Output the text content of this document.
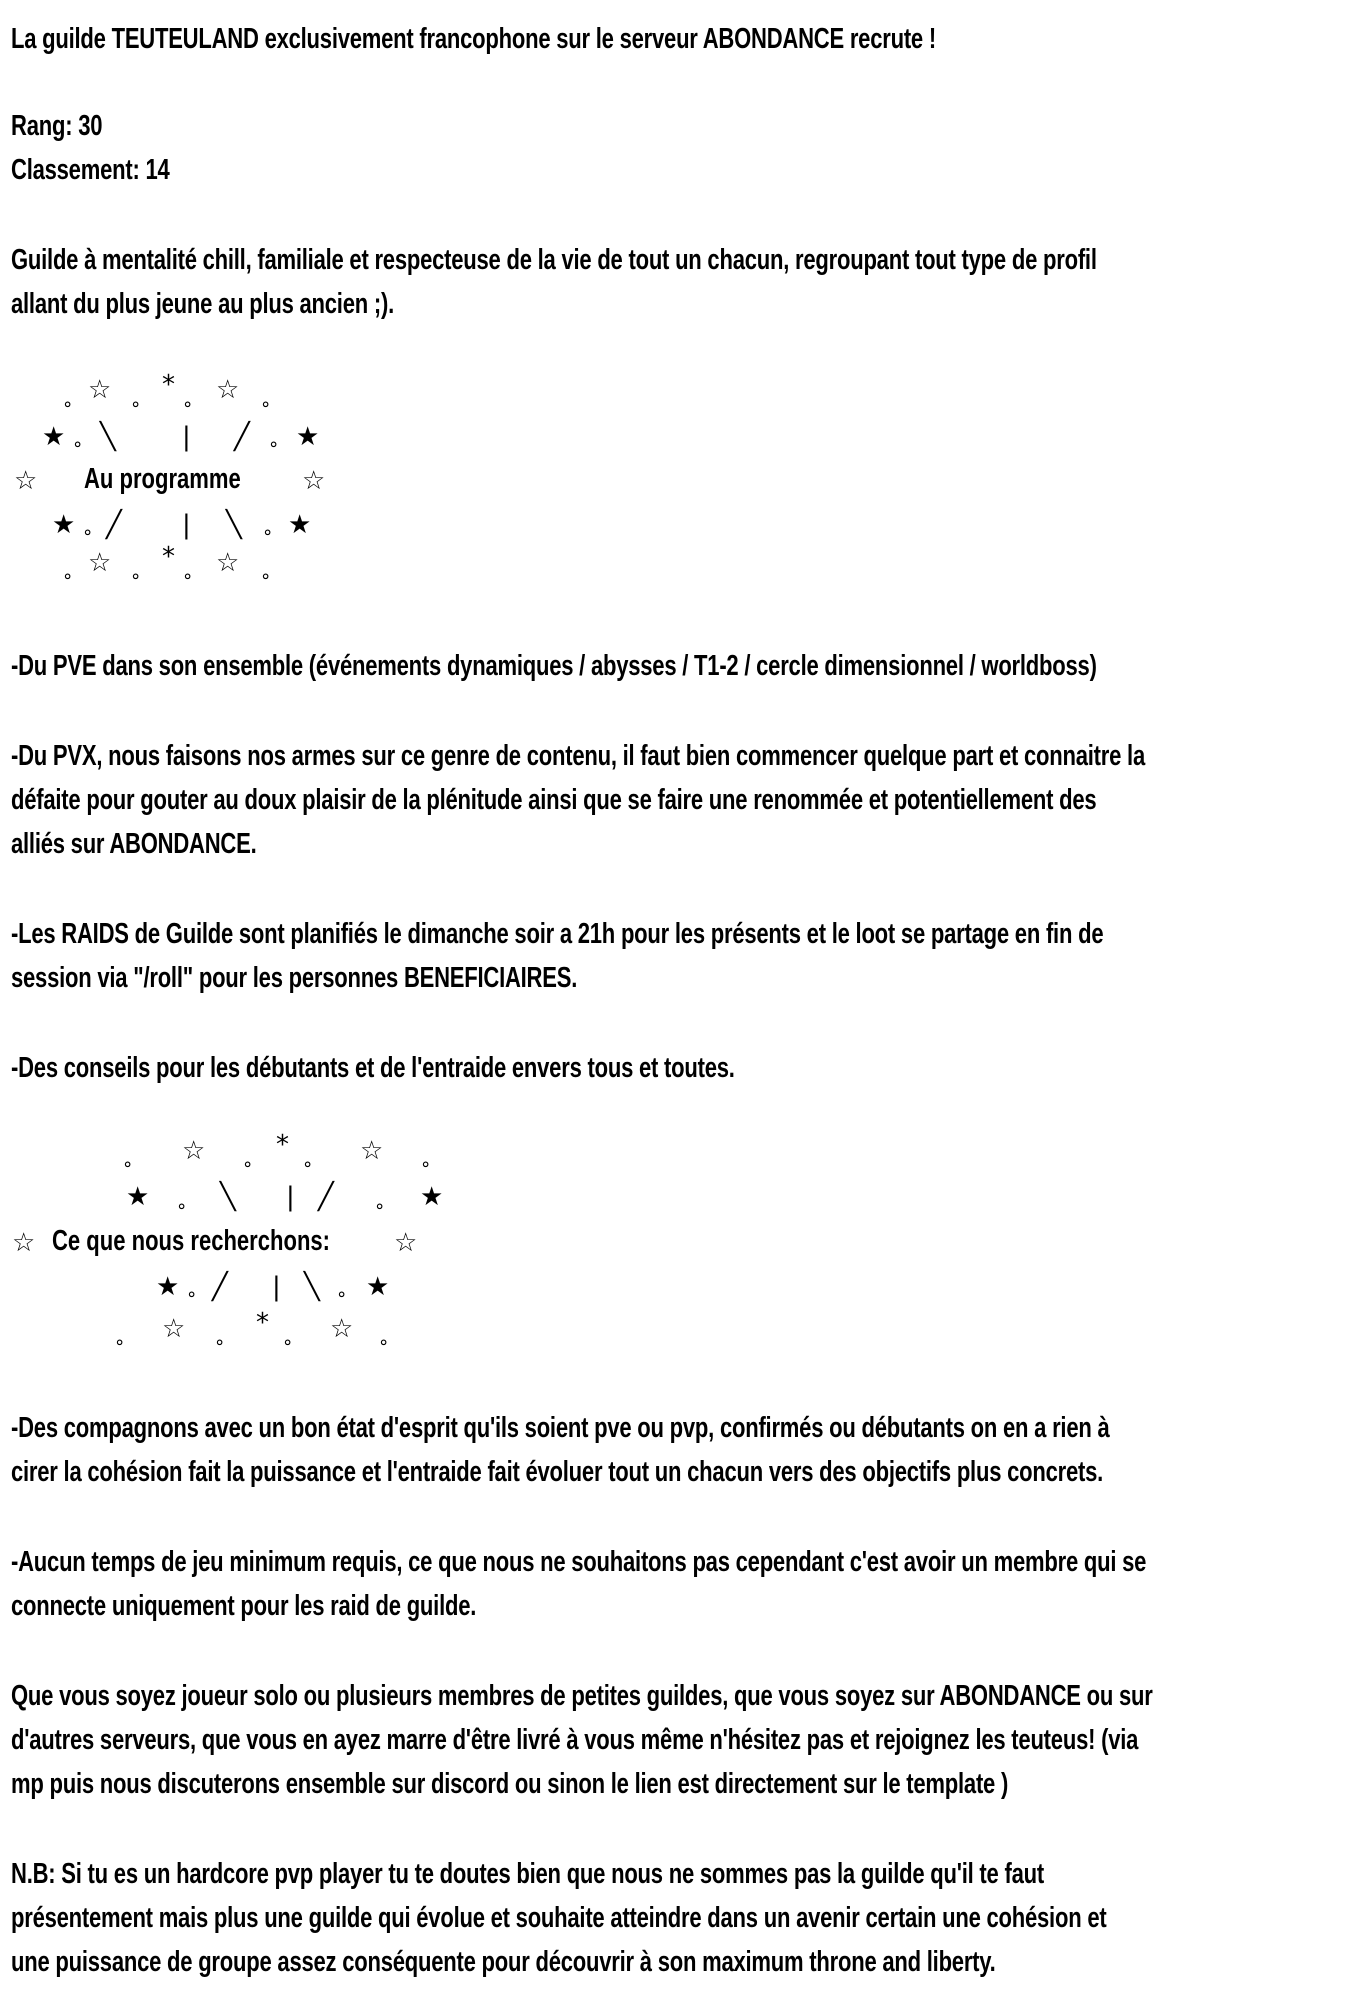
La guilde TEUTEULAND exclusivement francophone sur le serveur ABONDANCE recrute !
Rang: 30
Classement: 14
Guilde à mentalité chill, familiale et respecteuse de la vie de tout un chacun, regroupant tout type de profil
allant du plus jeune au plus ancien ;).
∘ ☆ ∘
*
∘ ☆ ∘
★ ∘ ╲	| ╱ ∘ ★
☆ Au programme ☆
★ ∘ ╱ | ╲ ∘ ★
∘ ☆ ∘
*
∘ ☆ ∘
-Du PVE dans son ensemble (événements dynamiques / abysses / T1-2 / cercle dimensionnel / worldboss)
-Du PVX, nous faisons nos armes sur ce genre de contenu, il faut bien commencer quelque part et connaitre la
défaite pour gouter au doux plaisir de la plénitude ainsi que se faire une renommée et potentiellement des
alliés sur ABONDANCE.
-Les RAIDS de Guilde sont planifiés le dimanche soir a 21h pour les présents et le loot se partage en fin de
session via "/roll" pour les personnes BENEFICIAIRES.
-Des conseils pour les débutants et de l'entraide envers tous et toutes.
∘ ☆ ∘
*
∘ ☆ ∘
★ ∘ ╲ | ╱ ∘ ★
☆ Ce que nous recherchons: ☆
★ ∘ ╱ | ╲ ∘ ★
∘ ☆ ∘
*
∘ ☆ ∘
-Des compagnons avec un bon état d'esprit qu'ils soient pve ou pvp, confirmés ou débutants on en a rien à
cirer la cohésion fait la puissance et l'entraide fait évoluer tout un chacun vers des objectifs plus concrets.
-Aucun temps de jeu minimum requis, ce que nous ne souhaitons pas cependant c'est avoir un membre qui se
connecte uniquement pour les raid de guilde.
Que vous soyez joueur solo ou plusieurs membres de petites guildes, que vous soyez sur ABONDANCE ou sur
d'autres serveurs, que vous en ayez marre d'être livré à vous même n'hésitez pas et rejoignez les teuteus! (via
mp puis nous discuterons ensemble sur discord ou sinon le lien est directement sur le template )
N.B: Si tu es un hardcore pvp player tu te doutes bien que nous ne sommes pas la guilde qu'il te faut
présentement mais plus une guilde qui évolue et souhaite atteindre dans un avenir certain une cohésion et
une puissance de groupe assez conséquente pour découvrir à son maximum throne and liberty.
